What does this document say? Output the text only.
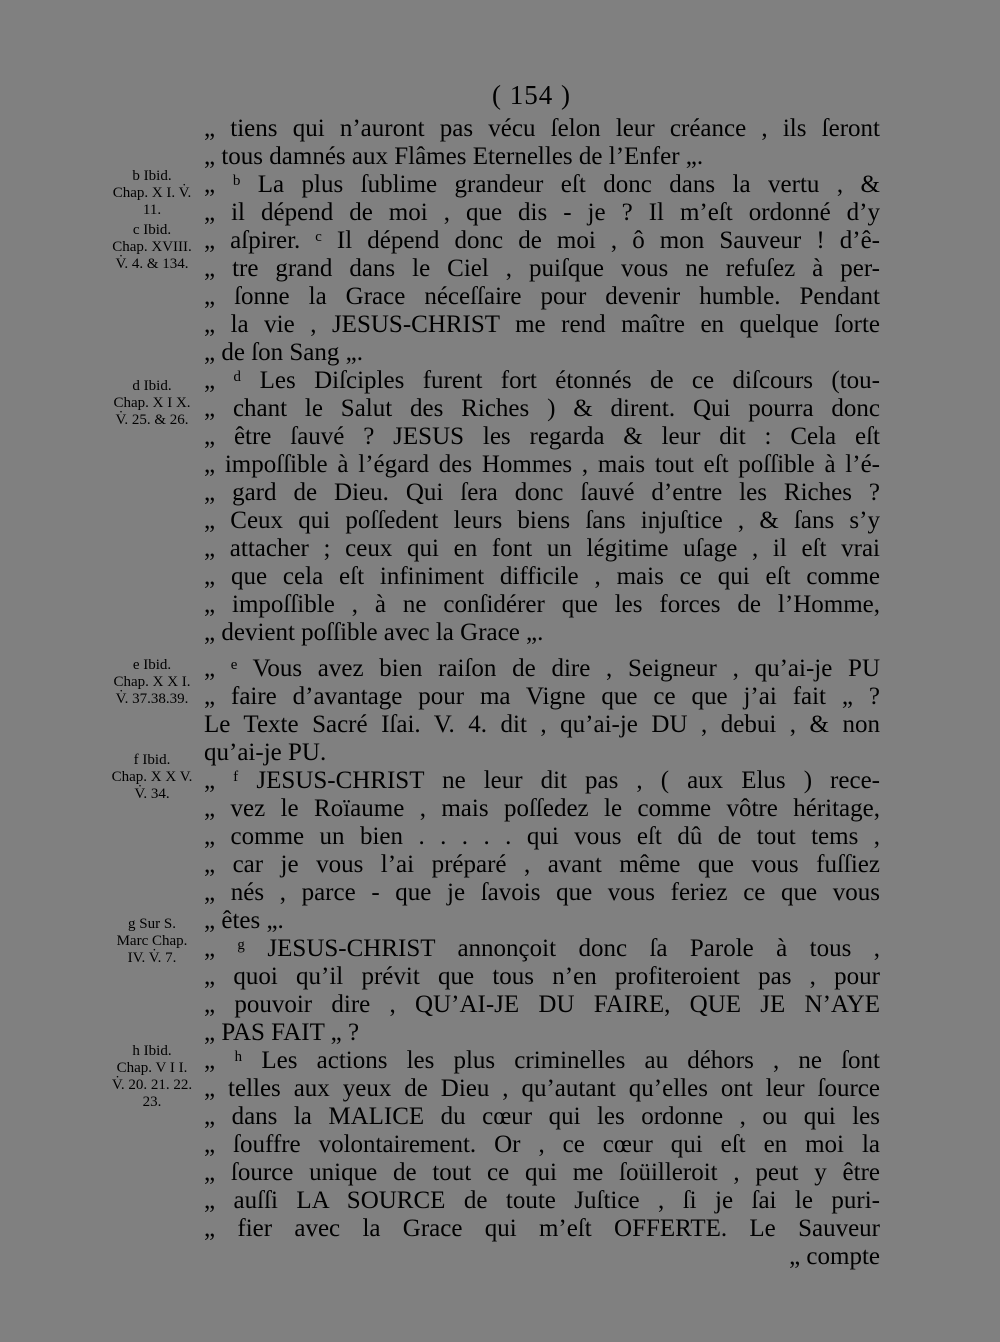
( 154 )
b Ibid.
Chap. X I. V̇.
11.
c Ibid.
Chap. XVIII.
V̇. 4. & 134.
d Ibid.
Chap. X I X.
V̇. 25. & 26.
e Ibid.
Chap. X X I.
V̇. 37.38.39.
f Ibid.
Chap. X X V.
V̇. 34.
g Sur S.
Marc Chap.
IV. V̇. 7.
h Ibid.
Chap. V I I.
V̇. 20. 21. 22.
23.
„ tiens qui n’auront pas vécu ſelon leur créance , ils ſeront
„ tous damnés aux Flâmes Eternelles de l’Enfer „.
„ ᵇ La plus ſublime grandeur eſt donc dans la vertu , &
„ il dépend de moi , que dis - je ? Il m’eſt ordonné d’y
„ aſpirer. ᶜ Il dépend donc de moi , ô mon Sauveur ! d’ê-
„ tre grand dans le Ciel , puiſque vous ne refuſez à per-
„ ſonne la Grace néceſſaire pour devenir humble. Pendant
„ la vie , JESUS-CHRIST me rend maître en quelque ſorte
„ de ſon Sang „.
„ ᵈ Les Diſciples furent fort étonnés de ce diſcours (tou-
„ chant le Salut des Riches ) & dirent. Qui pourra donc
„ être ſauvé ? JESUS les regarda & leur dit : Cela eſt
„ impoſſible à l’égard des Hommes , mais tout eſt poſſible à l’é-
„ gard de Dieu. Qui ſera donc ſauvé d’entre les Riches ?
„ Ceux qui poſſedent leurs biens ſans injuſtice , & ſans s’y
„ attacher ; ceux qui en font un légitime uſage , il eſt vrai
„ que cela eſt infiniment difficile , mais ce qui eſt comme
„ impoſſible , à ne conſidérer que les forces de l’Homme,
„ devient poſſible avec la Grace „.
„ ᵉ Vous avez bien raiſon de dire , Seigneur , qu’ai-je PU
„ faire d’avantage pour ma Vigne que ce que j’ai fait „ ?
Le Texte Sacré Iſai. V. 4. dit , qu’ai-je DU , debui , & non
qu’ai-je PU.
„ ᶠ JESUS-CHRIST ne leur dit pas , ( aux Elus ) rece-
„ vez le Roïaume , mais poſſedez le comme vôtre héritage,
„ comme un bien . . . . . qui vous eſt dû de tout tems ,
„ car je vous l’ai préparé , avant même que vous fuſſiez
„ nés , parce - que je ſavois que vous feriez ce que vous
„ êtes „.
„ ᵍ JESUS-CHRIST annonçoit donc ſa Parole à tous ,
„ quoi qu’il prévit que tous n’en profiteroient pas , pour
„ pouvoir dire , QU’AI-JE DU FAIRE, QUE JE N’AYE
„ PAS FAIT „ ?
„ ʰ Les actions les plus criminelles au déhors , ne ſont
„ telles aux yeux de Dieu , qu’autant qu’elles ont leur ſource
„ dans la MALICE du cœur qui les ordonne , ou qui les
„ ſouffre volontairement. Or , ce cœur qui eſt en moi la
„ ſource unique de tout ce qui me ſoüilleroit , peut y être
„ auſſi LA SOURCE de toute Juſtice , ſi je ſai le puri-
„ fier avec la Grace qui m’eſt OFFERTE. Le Sauveur
„ compte
